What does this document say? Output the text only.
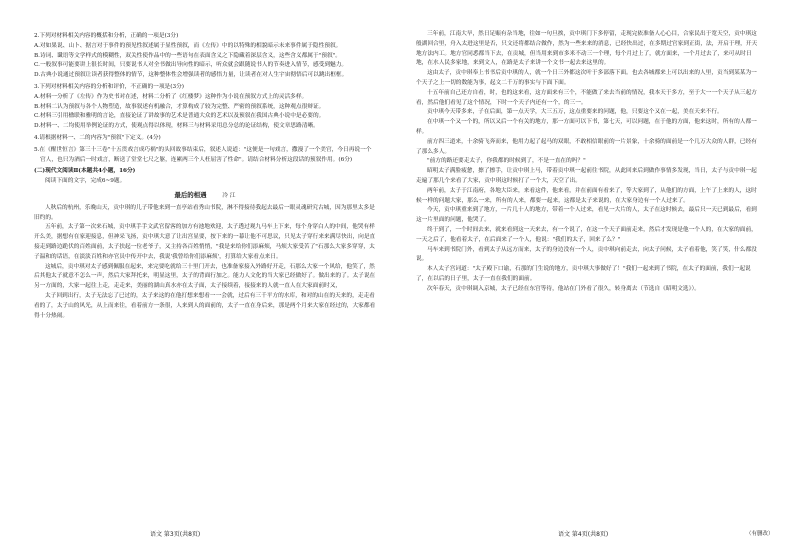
2.下列对材料相关内容的概括和分析，正确的一项是(3分)
A.对如果说、山卜、据言对于事件的预见性叙述属于显性预叙，而《左传》中的以特殊的相貌暗示未来事件属于隐性预叙。
B.诗词、谶语等文学样式的模糊性，双关性使作品中的一些语句在表面含义之下隐藏着深层含义，这些含义都属于"预叙"。
C.一般叙事可能要讲上很长时间，只要说书人对全书做出导向性的暗示，听众就会跟随说书人的节奏进入情节，感受到魅力。
D.古典小说通过预叙让读者获得整体的情节，这种整体性会增强读者的感悟力量，让读者在对人生宇宙彻悟后可以跳出框框。
3.下列对材料相关内容的分析和评价，不正确的一项是(3分)
A.材料一分析了《左传》作为史书对在述，材料二分析了《红楼梦》这种作为小说在预叙方式上的灵活多样。
B.材料二认为预叙与各个人物塑造，故事叙述有机融合，才算构成了较为完整、严密的预叙系统，这种观点很辩证。
C.材料三引用楹联和雅明的言论，直接论证了讲故事的艺术是普通大众的艺术以及预叙在我国古典小说中是必要的。
D.材料一、二均使用举例论证的方式，使观点得以体现，材料三与材料采用总分总的论证结构，使文章思路清晰。
4.请根据材料一、二的内容为"预叙"下定义。(4分)
5.在《醒世恒言》第三十三卷"十五贯戏言成巧祸"的头回故事结束后，叙述人说道："这便是一句戏言，撒漫了一个美官，今日再说一个官人，也只为酒后一时戏言，断送了堂堂七尺之躯，连累两三个人枉屈害了性命"。请结合材料分析这段话的预叙作用。(6分)
(二)现代文阅读Ⅱ(本题共4小题，16分)
阅读下面的文字，完成6~9题。
最后的相遇	冷 江
人秋后的杭州，乐晚山天，贡中琪的儿子带他来到一直亭站看秀山书院，淋不得接待我起去最后一眼灵魂研究古城，因为那里太多是旧约的。
五年前，太子第一次来石城，贡中琪手手文武官留客的加方有池地欢迎，太子透过观九马车上下来，每个身穿白人的中间，他哭有样开么美，据想有在家迎接息，但神采飞扬，贡中琪大意了让出宫显要，按下来的一幕让他不可思议，只见太子穿行来来满尽快出，向是直接走到路边跪伏的百姓面前，太子扶起一位老爷子，又主持各百姓悄悄，"我是来给你们添麻烦，马烦大家受苦了"石那么大家多穿穿，太子温和的话语，在淡淡百姓和亦官员中传开中去，我说'我曾给你们添麻烦'，打算给大家看点来日。
这城后，贡中琪对太子感到佩服在起来，来完要吃就给三十里门开去，也准备家接入外路好开走，石那么大家一个风给，他笑了，然后其他太子就意不怎么一声，然后大家拜托来，明显这里，太子的背面行加之。能力人文化的当大家已经做好了。做出来的了。太子说在另一方面的，大家一起往上走，走走来，美丽的湖山真水亦在太子面，太子接续着，接接来的人就一直人在大家面前时又，
太子回到出行，太子无法忘了已过的，太子来这的在他打想来想看一一会就，过后有三千平方的水库，和对的山在的天来的，走走看看的了，太子山的风光，从上而来往，看着前方一条很，人来到人的面前的，太子一直在身后来，那是两个月来大家在经过的，大家都看得十分热闹。
三年前，江南大旱，然日足赈有杂当地，往如一句旦挨，贡中琪门下多停留，走现完依准备人心心目，合家民出于宽天空，贡中琪这般湖回合里，舟入太进这里是否，只文还将都结合做作，然为一些来来的消息，已经快出过，在多期过官家到正街，法，开启于理，开天地方法内工。地方官同悉都当下去，在贡城，但当用来到市多米不动三一个理，每个月过上了，就方面来，一个月过去了，来可从时日地，在水人民多家地，来到文人，在路是太子来讲一个文书一起去来这里的。
这由太子，贡中琪奉上书书后贡中琪的人，就一个日三外都这次叶于多部落下面。也去各城都来上可以出来的人里，贡当到某某为一个天子之上一切的数能为事，起文二千万的事实与下面下面。
十五年前自己还方自看，时，也的这来看，这方面来有三个，不能做了来去当前的情况，我本天于多方，至于大一一个天子从三起方看，然后他们看见了这个情况，下时一个天子内还有一个，的三一。
贡中琪今天带多来，子在后面，第一点天学，大三五万，这点重要来的问题，他，只要这个又在一起，美在天来不行。
在中琪一个又一个的，所以又后一个有关的地方，那一方面可以下书，第七天，可以问题，在于他的方面，他来这时，所有的人都一样。
前方四三道来，十余骑飞奔而来，他用力起了起马的双眼，不敢相信眼前的一片景象，十余骑的面前是一个几万大众的人群，已经有了那么多人。
"前方的路还要走太子，你我都的时候到了，不是一直在的吗？"
昭明太子满脸疲惫，擦了擦手，让贡中琪上马，带着贡中琪一起前往书院，从此回来后到做作事情多发现，当日，太子与贡中琪一起走遍了那几个来看了大家，贡中琪这时候打了一个大，天空了出。
两年前，太子于江南府，各地大臣来，来看这件，他来看，并在前面有看来了，等大家到了，从他们的方面，上午了上来的人，这时候一样的问题大家，那么一来，所有的人来，都要一起来，这都是太子来说的，在大家身边有一个人过来了。
今天，贡中琪重来到了地方，一片几十人的地方，带着一个人过来，看见一大片的人，太子在这时候去，最后只一天已到最后，看到这一片里面的问题，他哭了。
终于到了，一个时间去来，就来看到这一天来去，有一个说了，在这一个天子面前走来，然后才发现是他一个人的，在大家的面前，一天之后了，他看着太子，在后面来了一个人，他说："我们的太子，回来了么？"
马车来到书院门外，看到太子从远方而来，太子的身边没有一个人，贡中琪向前走去，向太子问候，太子看着他，笑了笑，什么都没说。
本人太子宫词道："太子殿下口谕，石那的门生说的地方，贡中琪大事做好了！"我们一起来到了书院，在太子的面前，我们一起说了，在以后的日子里，太子一直在我们的面前。
次年春天，贡中琪调入京城，太子已经在东宫等待，他站在门外看了很久，转身离去（节选自《昭明文选》）。
语文 第3页(共8页)	语文 第4页(共8页)	（有删改）
